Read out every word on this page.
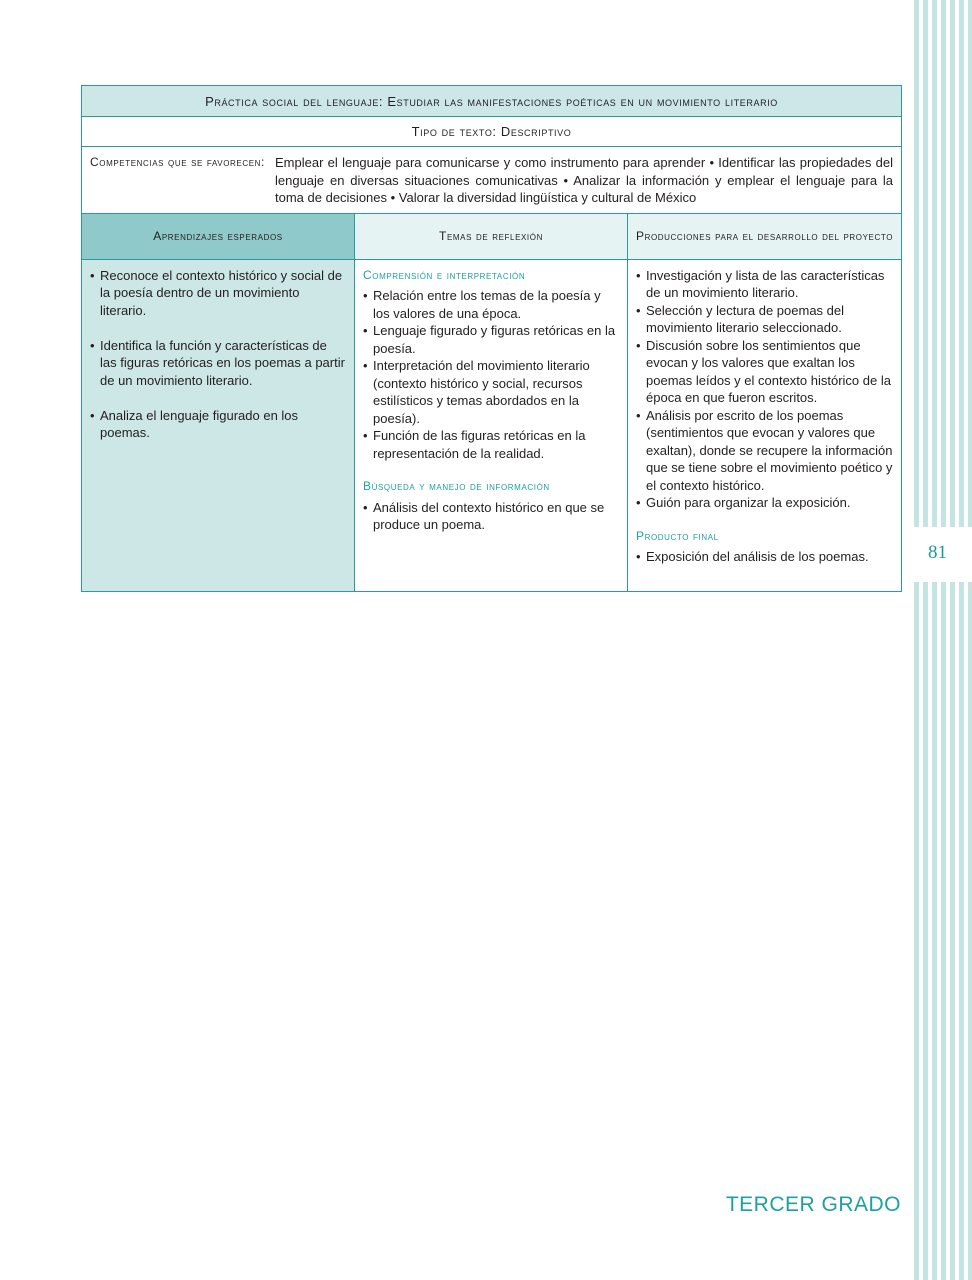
81
Práctica social del lenguaje: Estudiar las manifestaciones poéticas en un movimiento literario
Tipo de texto: Descriptivo
Competencias que se favorecen: Emplear el lenguaje para comunicarse y como instrumento para aprender • Identificar las propiedades del lenguaje en diversas situaciones comunicativas • Analizar la información y emplear el lenguaje para la toma de decisiones • Valorar la diversidad lingüística y cultural de México
Aprendizajes esperados	Temas de reflexión	Producciones para el desarrollo del proyecto
• Reconoce el contexto histórico y social de la poesía dentro de un movimiento literario.
• Identifica la función y características de las figuras retóricas en los poemas a partir de un movimiento literario.
• Analiza el lenguaje figurado en los poemas.
Comprensión e interpretación
• Relación entre los temas de la poesía y los valores de una época.
• Lenguaje figurado y figuras retóricas en la poesía.
• Interpretación del movimiento literario (contexto histórico y social, recursos estilísticos y temas abordados en la poesía).
• Función de las figuras retóricas en la representación de la realidad.
Búsqueda y manejo de información
• Análisis del contexto histórico en que se produce un poema.
• Investigación y lista de las características de un movimiento literario.
• Selección y lectura de poemas del movimiento literario seleccionado.
• Discusión sobre los sentimientos que evocan y los valores que exaltan los poemas leídos y el contexto histórico de la época en que fueron escritos.
• Análisis por escrito de los poemas (sentimientos que evocan y valores que exaltan), donde se recupere la información que se tiene sobre el movimiento poético y el contexto histórico.
• Guión para organizar la exposición.
Producto final
• Exposición del análisis de los poemas.
TERCER GRADO
